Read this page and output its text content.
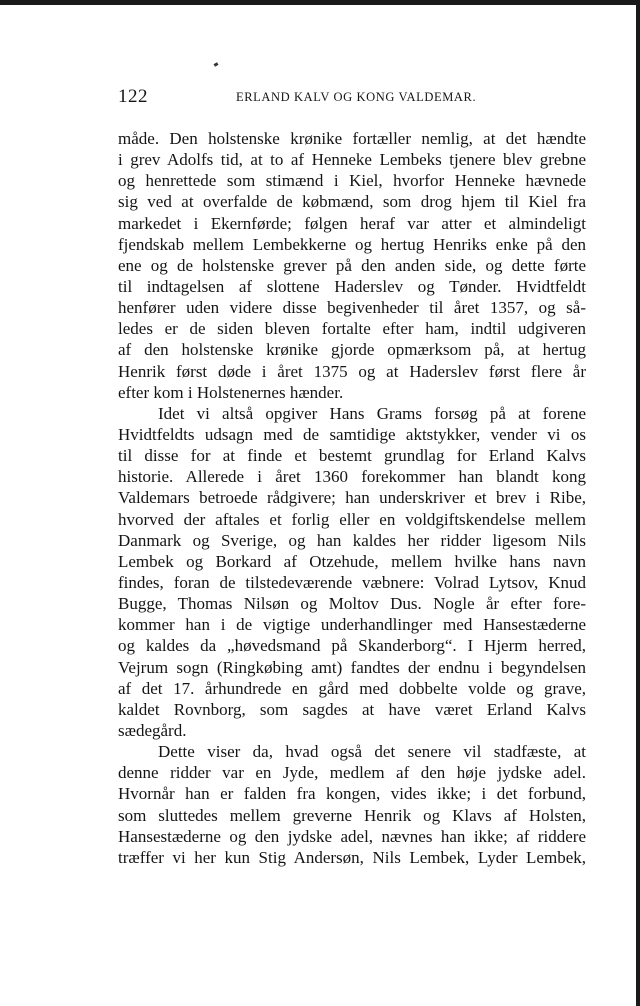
122	ERLAND KALV OG KONG VALDEMAR.
måde. Den holstenske krønike fortæller nemlig, at det hændte
i grev Adolfs tid, at to af Henneke Lembeks tjenere blev grebne
og henrettede som stimænd i Kiel, hvorfor Henneke hævnede
sig ved at overfalde de købmænd, som drog hjem til Kiel fra
markedet i Ekernførde; følgen heraf var atter et almindeligt
fjendskab mellem Lembekkerne og hertug Henriks enke på den
ene og de holstenske grever på den anden side, og dette førte
til indtagelsen af slottene Haderslev og Tønder. Hvidtfeldt
henfører uden videre disse begivenheder til året 1357, og så-
ledes er de siden bleven fortalte efter ham, indtil udgiveren
af den holstenske krønike gjorde opmærksom på, at hertug
Henrik først døde i året 1375 og at Haderslev først flere år
efter kom i Holstenernes hænder.
Idet vi altså opgiver Hans Grams forsøg på at forene
Hvidtfeldts udsagn med de samtidige aktstykker, vender vi os
til disse for at finde et bestemt grundlag for Erland Kalvs
historie. Allerede i året 1360 forekommer han blandt kong
Valdemars betroede rådgivere; han underskriver et brev i Ribe,
hvorved der aftales et forlig eller en voldgiftskendelse mellem
Danmark og Sverige, og han kaldes her ridder ligesom Nils
Lembek og Borkard af Otzehude, mellem hvilke hans navn
findes, foran de tilstedeværende væbnere: Volrad Lytsov, Knud
Bugge, Thomas Nilsøn og Moltov Dus. Nogle år efter fore-
kommer han i de vigtige underhandlinger med Hansestæderne
og kaldes da „høvedsmand på Skanderborg“. I Hjerm herred,
Vejrum sogn (Ringkøbing amt) fandtes der endnu i begyndelsen
af det 17. århundrede en gård med dobbelte volde og grave,
kaldet Rovnborg, som sagdes at have været Erland Kalvs
sædegård.
Dette viser da, hvad også det senere vil stadfæste, at
denne ridder var en Jyde, medlem af den høje jydske adel.
Hvornår han er falden fra kongen, vides ikke; i det forbund,
som sluttedes mellem greverne Henrik og Klavs af Holsten,
Hansestæderne og den jydske adel, nævnes han ikke; af riddere
træffer vi her kun Stig Andersøn, Nils Lembek, Lyder Lembek,
